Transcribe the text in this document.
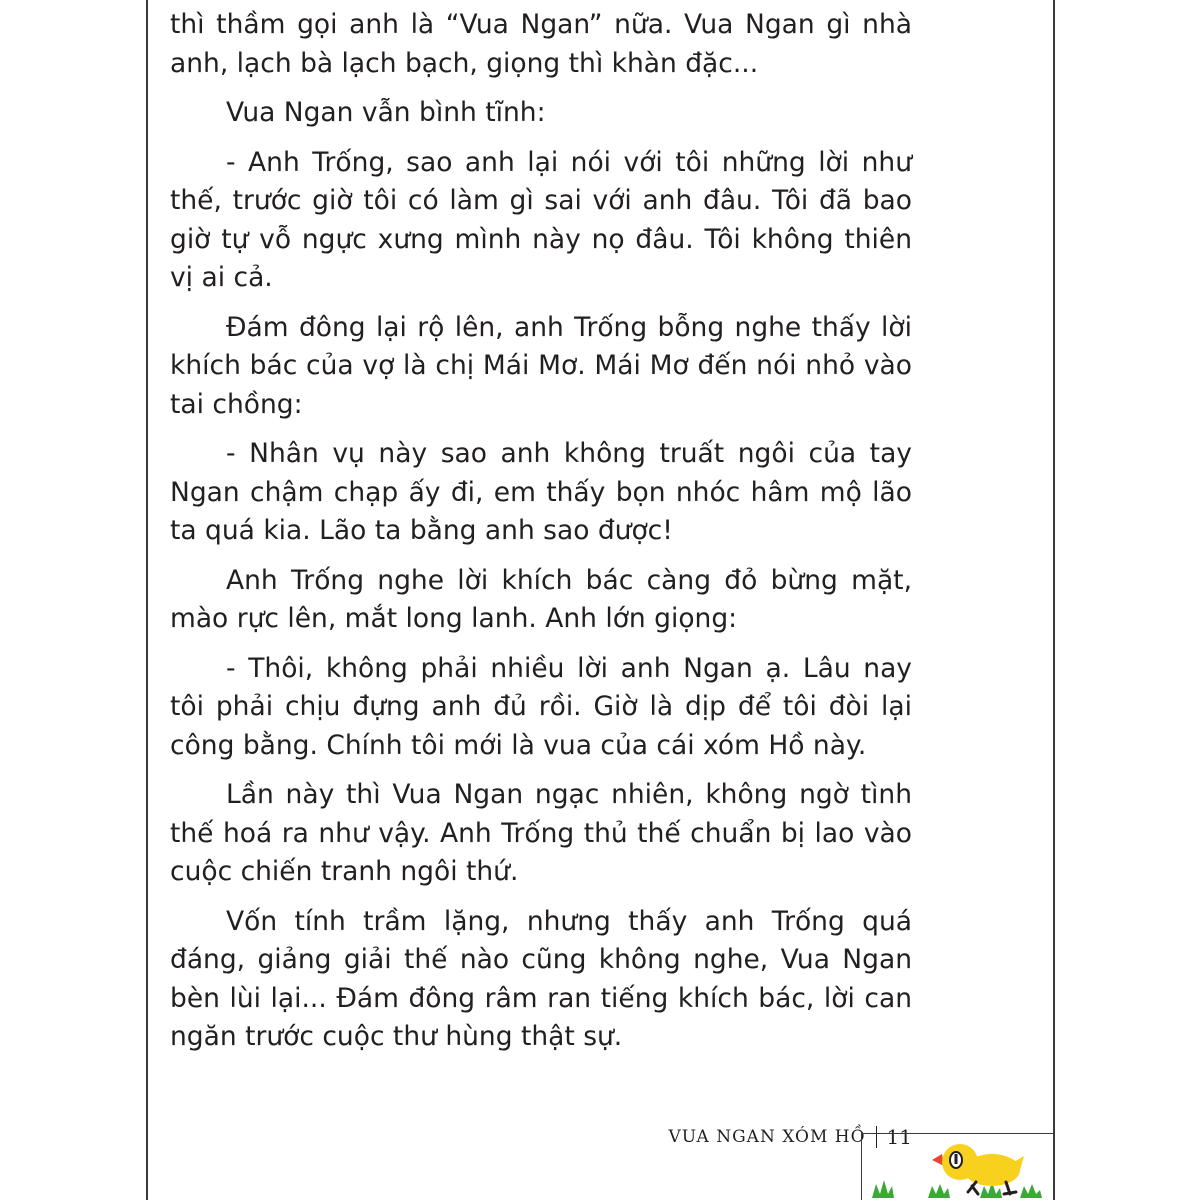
thì thầm gọi anh là “Vua Ngan” nữa. Vua Ngan gì nhà anh, lạch bà lạch bạch, giọng thì khàn đặc...

Vua Ngan vẫn bình tĩnh:

- Anh Trống, sao anh lại nói với tôi những lời như thế, trước giờ tôi có làm gì sai với anh đâu. Tôi đã bao giờ tự vỗ ngực xưng mình này nọ đâu. Tôi không thiên vị ai cả.

Đám đông lại rộ lên, anh Trống bỗng nghe thấy lời khích bác của vợ là chị Mái Mơ. Mái Mơ đến nói nhỏ vào tai chồng:

- Nhân vụ này sao anh không truất ngôi của tay Ngan chậm chạp ấy đi, em thấy bọn nhóc hâm mộ lão ta quá kia. Lão ta bằng anh sao được!

Anh Trống nghe lời khích bác càng đỏ bừng mặt, mào rực lên, mắt long lanh. Anh lớn giọng:

- Thôi, không phải nhiều lời anh Ngan ạ. Lâu nay tôi phải chịu đựng anh đủ rồi. Giờ là dịp để tôi đòi lại công bằng. Chính tôi mới là vua của cái xóm Hồ này.

Lần này thì Vua Ngan ngạc nhiên, không ngờ tình thế hoá ra như vậy. Anh Trống thủ thế chuẩn bị lao vào cuộc chiến tranh ngôi thứ.

Vốn tính trầm lặng, nhưng thấy anh Trống quá đáng, giảng giải thế nào cũng không nghe, Vua Ngan bèn lùi lại... Đám đông râm ran tiếng khích bác, lời can ngăn trước cuộc thư hùng thật sự.

VUA NGAN XÓM HỒ 11
